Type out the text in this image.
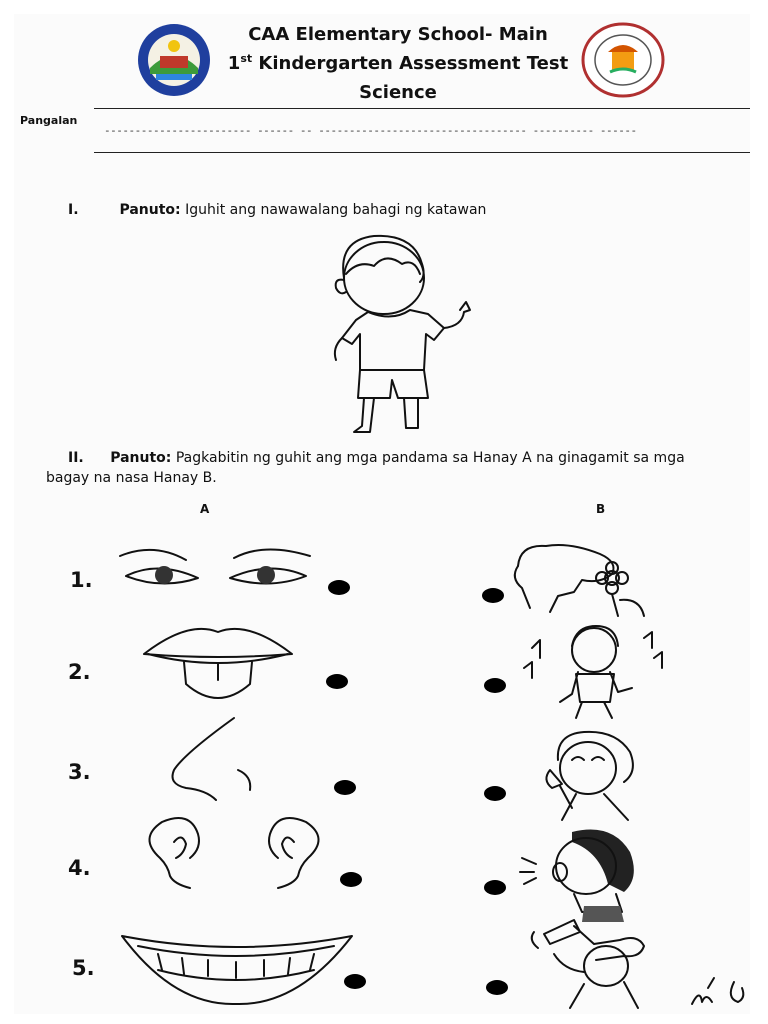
CAA Elementary School- Main
1st Kindergarten Assessment Test
Science
Pangalan
------------------------ ------ -- ---------------------------------- ---------- ------
I.	Panuto: Iguhit ang nawawalang bahagi ng katawan
II. Panuto: Pagkabitin ng guhit ang mga pandama sa Hanay A na ginagamit sa mga
bagay na nasa Hanay B.
A	B
1.
2.
3.
4.
5.
